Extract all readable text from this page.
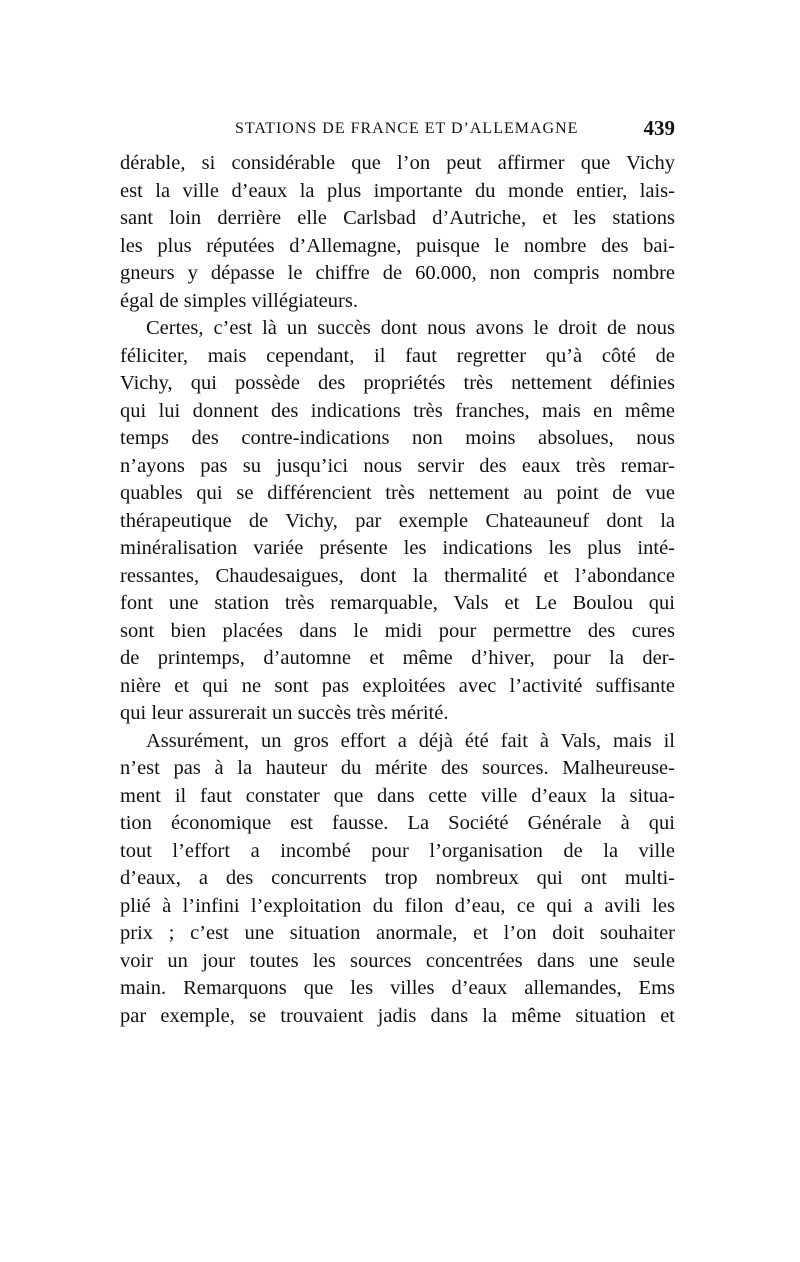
STATIONS DE FRANCE ET D’ALLEMAGNE	439
dérable, si considérable que l’on peut affirmer que Vichy
est la ville d’eaux la plus importante du monde entier, lais-
sant loin derrière elle Carlsbad d’Autriche, et les stations
les plus réputées d’Allemagne, puisque le nombre des bai-
gneurs y dépasse le chiffre de 60.000, non compris nombre
égal de simples villégiateurs.
Certes, c’est là un succès dont nous avons le droit de nous
féliciter, mais cependant, il faut regretter qu’à côté de
Vichy, qui possède des propriétés très nettement définies
qui lui donnent des indications très franches, mais en même
temps des contre-indications non moins absolues, nous
n’ayons pas su jusqu’ici nous servir des eaux très remar-
quables qui se différencient très nettement au point de vue
thérapeutique de Vichy, par exemple Chateauneuf dont la
minéralisation variée présente les indications les plus inté-
ressantes, Chaudesaigues, dont la thermalité et l’abondance
font une station très remarquable, Vals et Le Boulou qui
sont bien placées dans le midi pour permettre des cures
de printemps, d’automne et même d’hiver, pour la der-
nière et qui ne sont pas exploitées avec l’activité suffisante
qui leur assurerait un succès très mérité.
Assurément, un gros effort a déjà été fait à Vals, mais il
n’est pas à la hauteur du mérite des sources. Malheureuse-
ment il faut constater que dans cette ville d’eaux la situa-
tion économique est fausse. La Société Générale à qui
tout l’effort a incombé pour l’organisation de la ville
d’eaux, a des concurrents trop nombreux qui ont multi-
plié à l’infini l’exploitation du filon d’eau, ce qui a avili les
prix ; c’est une situation anormale, et l’on doit souhaiter
voir un jour toutes les sources concentrées dans une seule
main. Remarquons que les villes d’eaux allemandes, Ems
par exemple, se trouvaient jadis dans la même situation et
